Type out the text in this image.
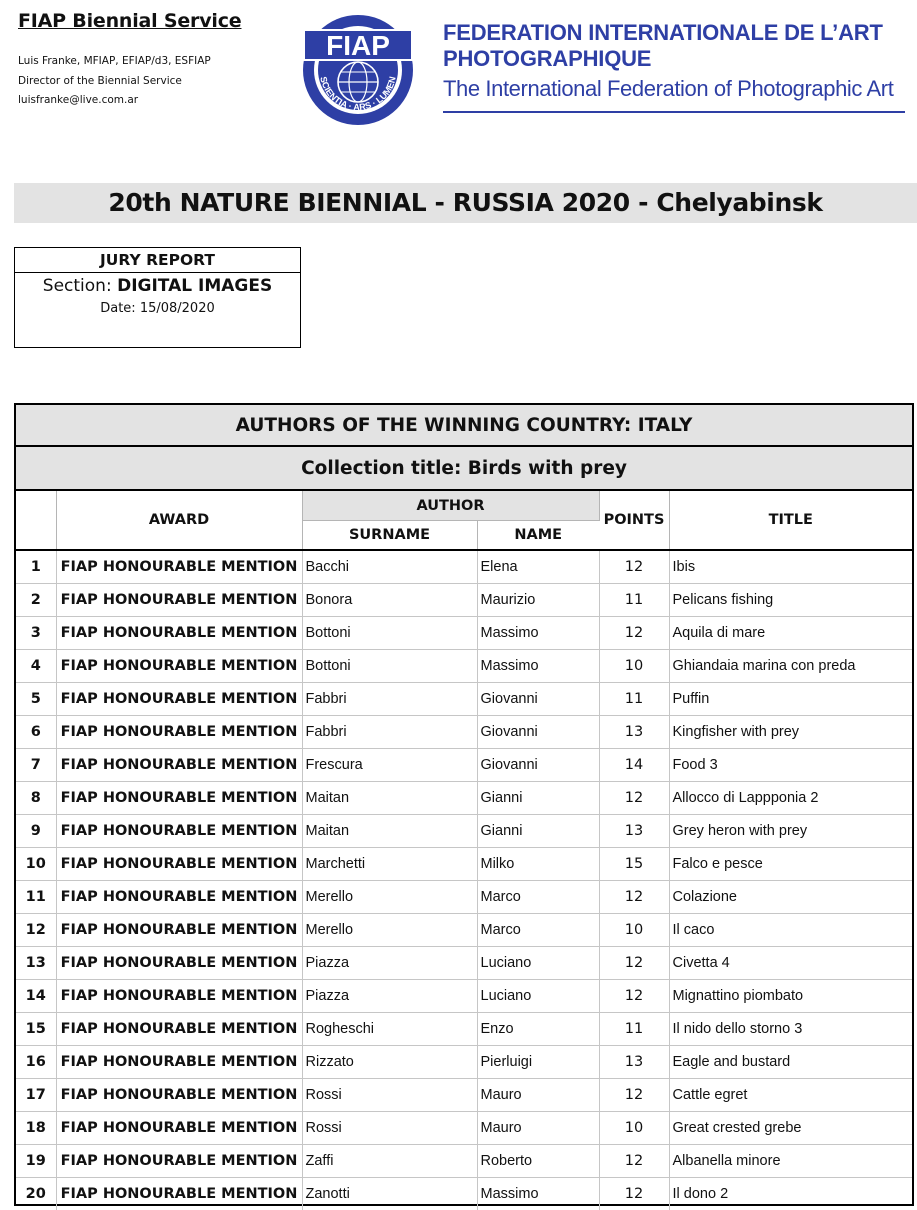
FIAP Biennial Service
Luis Franke, MFIAP, EFIAP/d3, ESFIAP
Director of the Biennial Service
luisfranke@live.com.ar
FIAP
SCIENTIA · ARS · LUMEN
FEDERATION INTERNATIONALE DE L’ART
PHOTOGRAPHIQUE
The International Federation of Photographic Art
20th NATURE BIENNIAL - RUSSIA 2020 - Chelyabinsk
JURY REPORT
Section: DIGITAL IMAGES
Date: 15/08/2020
AUTHORS OF THE WINNING COUNTRY: ITALY					
Collection title: Birds with prey					
	AWARD	AUTHOR		POINTS	TITLE
		SURNAME	NAME		
1	FIAP HONOURABLE MENTION	Bacchi	Elena	12	Ibis
2	FIAP HONOURABLE MENTION	Bonora	Maurizio	11	Pelicans fishing
3	FIAP HONOURABLE MENTION	Bottoni	Massimo	12	Aquila di mare
4	FIAP HONOURABLE MENTION	Bottoni	Massimo	10	Ghiandaia marina con preda
5	FIAP HONOURABLE MENTION	Fabbri	Giovanni	11	Puffin
6	FIAP HONOURABLE MENTION	Fabbri	Giovanni	13	Kingfisher with prey
7	FIAP HONOURABLE MENTION	Frescura	Giovanni	14	Food 3
8	FIAP HONOURABLE MENTION	Maitan	Gianni	12	Allocco di Lappponia 2
9	FIAP HONOURABLE MENTION	Maitan	Gianni	13	Grey heron with prey
10	FIAP HONOURABLE MENTION	Marchetti	Milko	15	Falco e pesce
11	FIAP HONOURABLE MENTION	Merello	Marco	12	Colazione
12	FIAP HONOURABLE MENTION	Merello	Marco	10	Il caco
13	FIAP HONOURABLE MENTION	Piazza	Luciano	12	Civetta 4
14	FIAP HONOURABLE MENTION	Piazza	Luciano	12	Mignattino piombato
15	FIAP HONOURABLE MENTION	Rogheschi	Enzo	11	Il nido dello storno 3
16	FIAP HONOURABLE MENTION	Rizzato	Pierluigi	13	Eagle and bustard
17	FIAP HONOURABLE MENTION	Rossi	Mauro	12	Cattle egret
18	FIAP HONOURABLE MENTION	Rossi	Mauro	10	Great crested grebe
19	FIAP HONOURABLE MENTION	Zaffi	Roberto	12	Albanella minore
20	FIAP HONOURABLE MENTION	Zanotti	Massimo	12	Il dono 2
